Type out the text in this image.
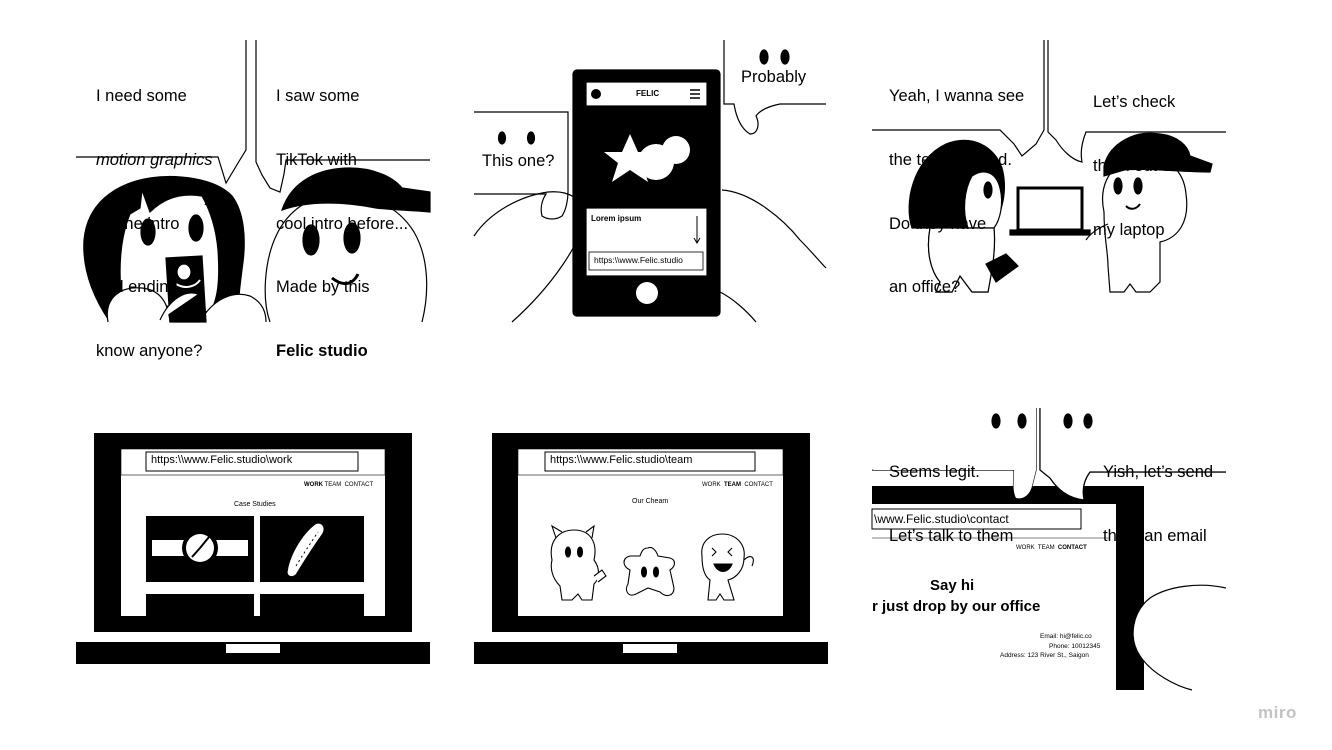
I need some

motion graphics

for the intro

and ending,

know anyone?

I saw some

TikTok with

cool intro before...

Made by this

Felic studio

This one?
Probably
FELIC
Lorem ipsum
https:\\www.Felic.studio

Yeah, I wanna see

the team behind.

Do they have

an office?

Let’s check

them out on

my laptop

https:\\www.Felic.studio\work
WORK TEAM CONTACT
Case Studies
https:\\www.Felic.studio\team
WORK TEAM CONTACT
Our Cheam

Seems legit.

Let’s talk to them

Yish, let’s send

them an email

\www.Felic.studio\contact
WORK TEAM CONTACT
Say hi
r just drop by our office
Email: hi@felic.co
Phone: 10012345
Address: 123 River St., Saigon
miro
